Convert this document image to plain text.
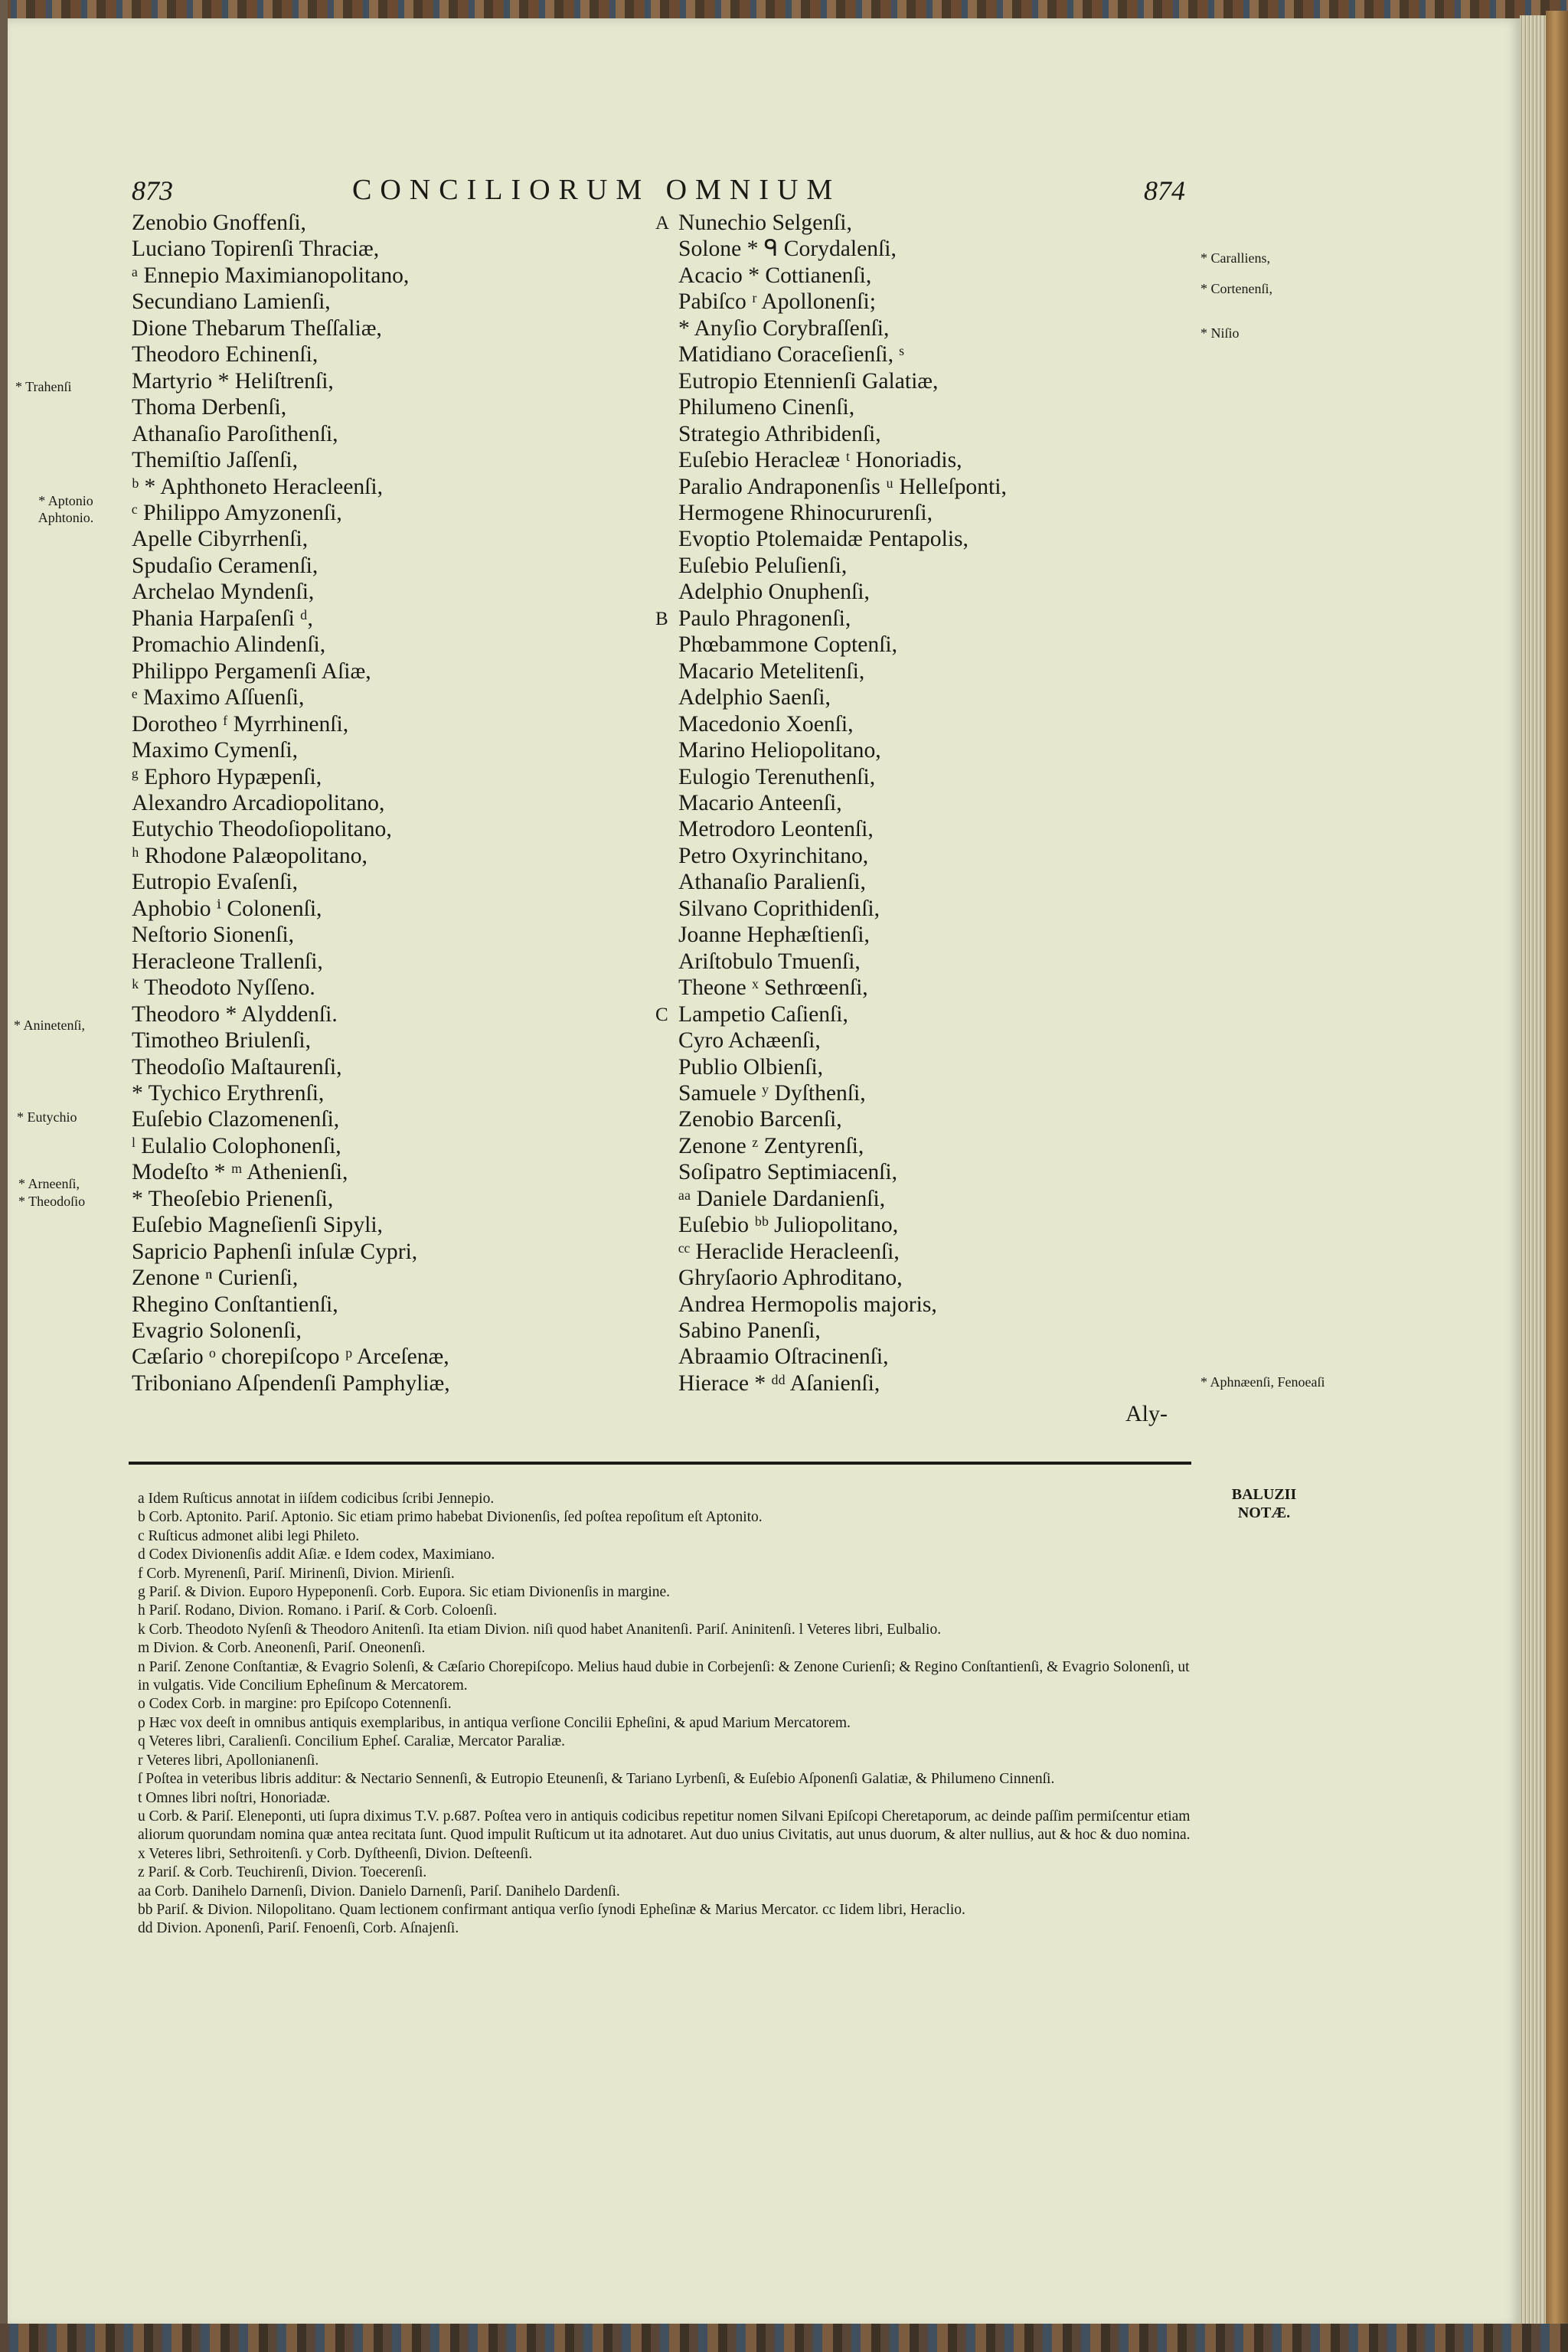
873	CONCILIORUM OMNIUM	874
* Trahenſi
* Aptonio Aphtonio.
* Aninetenſi,
* Eutychio
* Arneenſi,
* Theodoſio
* Caralliens,
* Cortenenſi,
* Niſio
* Aphnæenſi, Fenoeaſi
A
B
C
Zenobio Gnoffenſi,
Luciano Topirenſi Thraciæ,
ᵃ Ennepio Maximianopolitano,
Secundiano Lamienſi,
Dione Thebarum Theſſaliæ,
Theodoro Echinenſi,
Martyrio * Heliſtrenſi,
Thoma Derbenſi,
Athanaſio Paroſithenſi,
Themiſtio Jaſſenſi,
ᵇ * Aphthoneto Heracleenſi,
ᶜ Philippo Amyzonenſi,
Apelle Cibyrrhenſi,
Spudaſio Ceramenſi,
Archelao Myndenſi,
Phania Harpaſenſi ᵈ,
Promachio Alindenſi,
Philippo Pergamenſi Aſiæ,
ᵉ Maximo Aſſuenſi,
Dorotheo ᶠ Myrrhinenſi,
Maximo Cymenſi,
ᵍ Ephoro Hypæpenſi,
Alexandro Arcadiopolitano,
Eutychio Theodoſiopolitano,
ʰ Rhodone Palæopolitano,
Eutropio Evaſenſi,
Aphobio ⁱ Colonenſi,
Neſtorio Sionenſi,
Heracleone Trallenſi,
ᵏ Theodoto Nyſſeno.
Theodoro * Alyddenſi.
Timotheo Briulenſi,
Theodoſio Maſtaurenſi,
* Tychico Erythrenſi,
Euſebio Clazomenenſi,
ˡ Eulalio Colophonenſi,
Modeſto * ᵐ Athenienſi,
* Theoſebio Prienenſi,
Euſebio Magneſienſi Sipyli,
Sapricio Paphenſi inſulæ Cypri,
Zenone ⁿ Curienſi,
Rhegino Conſtantienſi,
Evagrio Solonenſi,
Cæſario ᵒ chorepiſcopo ᵖ Arceſenæ,
Triboniano Aſpendenſi Pamphyliæ,
Nunechio Selgenſi,
Solone * ᑫ Corydalenſi,
Acacio * Cottianenſi,
Pabiſco ʳ Apollonenſi;
* Anyſio Corybraſſenſi,
Matidiano Coraceſienſi, ˢ
Eutropio Etennienſi Galatiæ,
Philumeno Cinenſi,
Strategio Athribidenſi,
Euſebio Heracleæ ᵗ Honoriadis,
Paralio Andraponenſis ᵘ Helleſponti,
Hermogene Rhinocururenſi,
Evoptio Ptolemaidæ Pentapolis,
Euſebio Peluſienſi,
Adelphio Onuphenſi,
Paulo Phragonenſi,
Phœbammone Coptenſi,
Macario Metelitenſi,
Adelphio Saenſi,
Macedonio Xoenſi,
Marino Heliopolitano,
Eulogio Terenuthenſi,
Macario Anteenſi,
Metrodoro Leontenſi,
Petro Oxyrinchitano,
Athanaſio Paralienſi,
Silvano Coprithidenſi,
Joanne Hephæſtienſi,
Ariſtobulo Tmuenſi,
Theone ˣ Sethrœenſi,
Lampetio Caſienſi,
Cyro Achæenſi,
Publio Olbienſi,
Samuele ʸ Dyſthenſi,
Zenobio Barcenſi,
Zenone ᶻ Zentyrenſi,
Soſipatro Septimiacenſi,
ᵃᵃ Daniele Dardanienſi,
Euſebio ᵇᵇ Juliopolitano,
ᶜᶜ Heraclide Heracleenſi,
Ghryſaorio Aphroditano,
Andrea Hermopolis majoris,
Sabino Panenſi,
Abraamio Oſtracinenſi,
Hierace * ᵈᵈ Aſanienſi,
Aly-
BALUZII NOTÆ.
a Idem Ruſticus annotat in iiſdem codicibus ſcribi Jennepio.
b Corb. Aptonito. Pariſ. Aptonio. Sic etiam primo habebat Divionenſis, ſed poſtea repoſitum eſt Aptonito.
c Ruſticus admonet alibi legi Phileto.
d Codex Divionenſis addit Aſiæ. e Idem codex, Maximiano.
f Corb. Myrenenſi, Pariſ. Mirinenſi, Divion. Mirienſi.
g Pariſ. & Divion. Euporo Hypeponenſi. Corb. Eupora. Sic etiam Divionenſis in margine.
h Pariſ. Rodano, Divion. Romano. i Pariſ. & Corb. Coloenſi.
k Corb. Theodoto Nyſenſi & Theodoro Anitenſi. Ita etiam Divion. niſi quod habet Ananitenſi. Pariſ. Aninitenſi. l Veteres libri, Eulbalio.
m Divion. & Corb. Aneonenſi, Pariſ. Oneonenſi.
n Pariſ. Zenone Conſtantiæ, & Evagrio Solenſi, & Cæſario Chorepiſcopo. Melius haud dubie in Corbejenſi: & Zenone Curienſi; & Regino Conſtantienſi, & Evagrio Solonenſi, ut in vulgatis. Vide Concilium Epheſinum & Mercatorem.
o Codex Corb. in margine: pro Epiſcopo Cotennenſi.
p Hæc vox deeſt in omnibus antiquis exemplaribus, in antiqua verſione Concilii Epheſini, & apud Marium Mercatorem.
q Veteres libri, Caralienſi. Concilium Epheſ. Caraliæ, Mercator Paraliæ.
r Veteres libri, Apollonianenſi.
ſ Poſtea in veteribus libris additur: & Nectario Sennenſi, & Eutropio Eteunenſi, & Tariano Lyrbenſi, & Euſebio Aſponenſi Galatiæ, & Philumeno Cinnenſi.
t Omnes libri noſtri, Honoriadæ.
u Corb. & Pariſ. Eleneponti, uti ſupra diximus T.V. p.687. Poſtea vero in antiquis codicibus repetitur nomen Silvani Epiſcopi Cheretaporum, ac deinde paſſim permiſcentur etiam aliorum quorundam nomina quæ antea recitata ſunt. Quod impulit Ruſticum ut ita adnotaret. Aut duo unius Civitatis, aut unus duorum, & alter nullius, aut & hoc & duo nomina.
x Veteres libri, Sethroitenſi. y Corb. Dyſtheenſi, Divion. Deſteenſi.
z Pariſ. & Corb. Teuchirenſi, Divion. Toecerenſi.
aa Corb. Danihelo Darnenſi, Divion. Danielo Darnenſi, Pariſ. Danihelo Dardenſi.
bb Pariſ. & Divion. Nilopolitano. Quam lectionem confirmant antiqua verſio ſynodi Epheſinæ & Marius Mercator. cc Iidem libri, Heraclio.
dd Divion. Aponenſi, Pariſ. Fenoenſi, Corb. Aſnajenſi.
